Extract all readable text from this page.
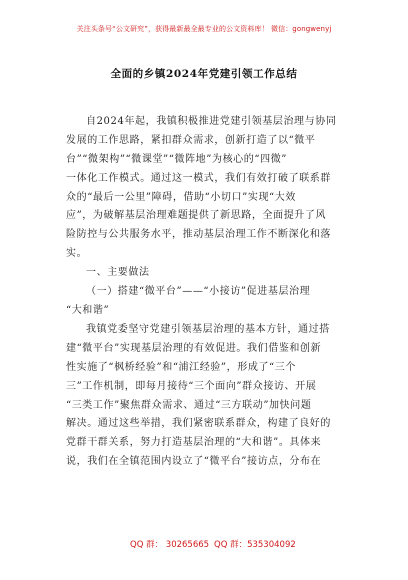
关注头条号“公文研究”，获得最新最全最专业的公文资料库！ 微信：gongwenyj
全面的乡镇2024年党建引领工作总结
自2024年起，我镇积极推进党建引领基层治理与协同
发展的工作思路，紧扣群众需求，创新打造了以“微平
台”“微架构”“微课堂”“微阵地”为核心的“四微”
一体化工作模式。通过这一模式，我们有效打破了联系群
众的“最后一公里”障碍，借助“小切口”实现“大效
应”，为破解基层治理难题提供了新思路，全面提升了风
险防控与公共服务水平，推动基层治理工作不断深化和落
实。
一、主要做法
（一）搭建“微平台”——“小接访”促进基层治理
“大和谐”
我镇党委坚守党建引领基层治理的基本方针，通过搭
建“微平台”实现基层治理的有效促进。我们借鉴和创新
性实施了“枫桥经验”和“浦江经验”，形成了“三个
三”工作机制，即每月接待“三个面向”群众接访、开展
“三类工作”聚焦群众需求、通过“三方联动”加快问题
解决。通过这些举措，我们紧密联系群众，构建了良好的
党群干群关系，努力打造基层治理的“大和谐”。具体来
说，我们在全镇范围内设立了“微平台”接访点，分布在
QQ 群： 30265665 QQ 群：535304092
